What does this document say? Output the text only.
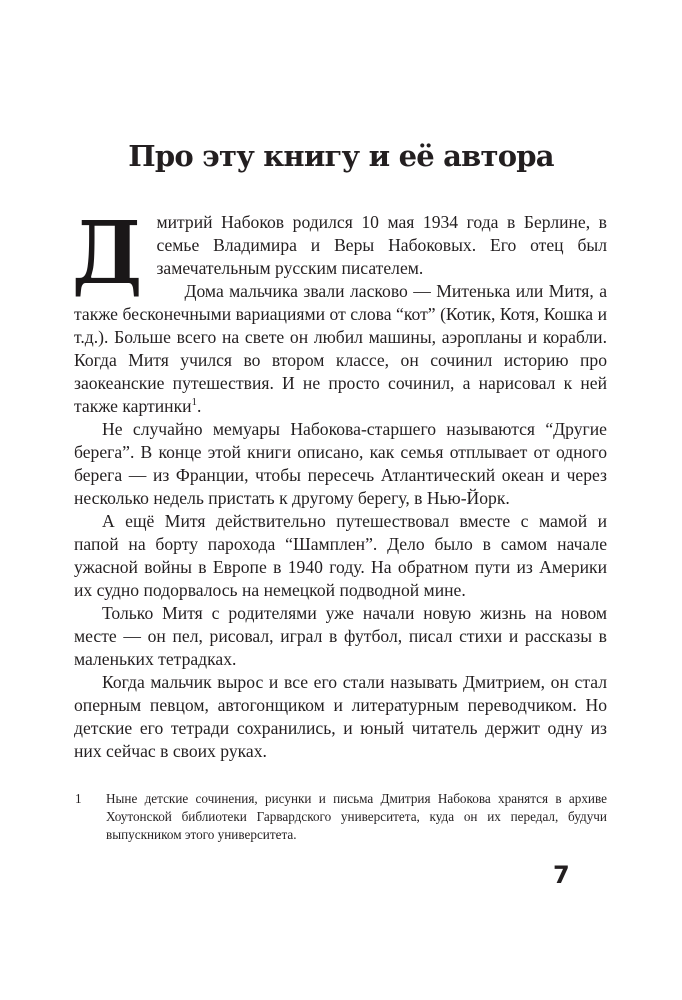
Про эту книгу и её автора

Дмитрий Набоков родился 10 мая 1934 года в Берлине, в семье Владимира и Веры Набоковых. Его отец был замечательным русским писателем.

Дома мальчика звали ласково — Митенька или Митя, а также бесконечными вариациями от слова “кот” (Котик, Котя, Кошка и т.д.). Больше всего на свете он любил машины, аэропланы и корабли. Когда Митя учился во втором классе, он сочинил историю про заокеанские путешествия. И не просто сочинил, а нарисовал к ней также картинки$^1$.

Не случайно мемуары Набокова-старшего называются “Другие берега”. В конце этой книги описано, как семья отплывает от одного берега — из Франции, чтобы пересечь Атлантический океан и через несколько недель пристать к другому берегу, в Нью-Йорк.

А ещё Митя действительно путешествовал вместе с мамой и папой на борту парохода “Шамплен”. Дело было в самом начале ужасной войны в Европе в 1940 году. На обратном пути из Америки их судно подорвалось на немецкой подводной мине.

Только Митя с родителями уже начали новую жизнь на новом месте — он пел, рисовал, играл в футбол, писал стихи и рассказы в маленьких тетрадках.

Когда мальчик вырос и все его стали называть Дмитрием, он стал оперным певцом, автогонщиком и литературным переводчиком. Но детские его тетради сохранились, и юный читатель держит одну из них сейчас в своих руках.

1 Ныне детские сочинения, рисунки и письма Дмитрия Набокова хранятся в архиве Хоутонской библиотеки Гарвардского университета, куда он их передал, будучи выпускником этого университета.
7
